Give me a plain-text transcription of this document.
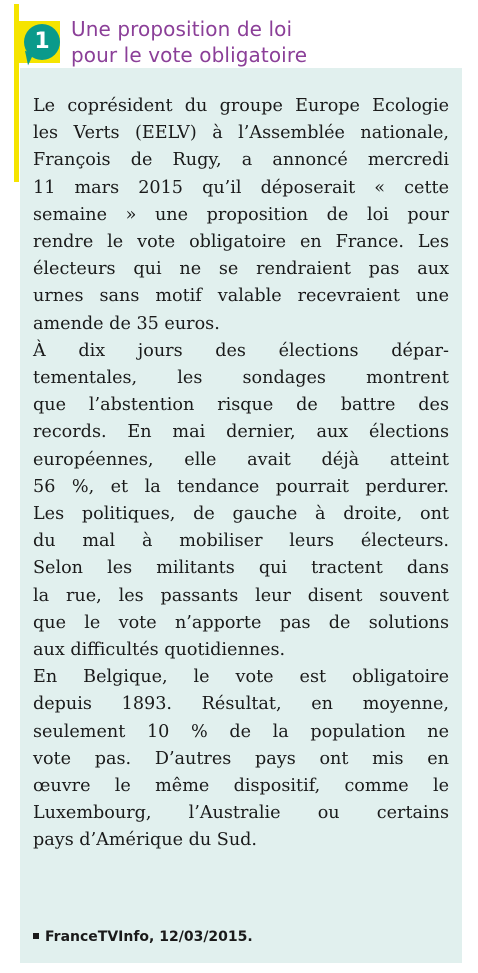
1	Une proposition de loi
pour le vote obligatoire
Le coprésident du groupe Europe Ecologie
les Verts (EELV) à l’Assemblée nationale,
François de Rugy, a annoncé mercredi
11 mars 2015 qu’il déposerait « cette
semaine » une proposition de loi pour
rendre le vote obligatoire en France. Les
électeurs qui ne se rendraient pas aux
urnes sans motif valable recevraient une
amende de 35 euros.
À dix jours des élections dépar-
tementales, les sondages montrent
que l’abstention risque de battre des
records. En mai dernier, aux élections
européennes, elle avait déjà atteint
56 %, et la tendance pourrait perdurer.
Les politiques, de gauche à droite, ont
du mal à mobiliser leurs électeurs.
Selon les militants qui tractent dans
la rue, les passants leur disent souvent
que le vote n’apporte pas de solutions
aux difficultés quotidiennes.
En Belgique, le vote est obligatoire
depuis 1893. Résultat, en moyenne,
seulement 10 % de la population ne
vote pas. D’autres pays ont mis en
œuvre le même dispositif, comme le
Luxembourg, l’Australie ou certains
pays d’Amérique du Sud.
FranceTVInfo, 12/03/2015.
